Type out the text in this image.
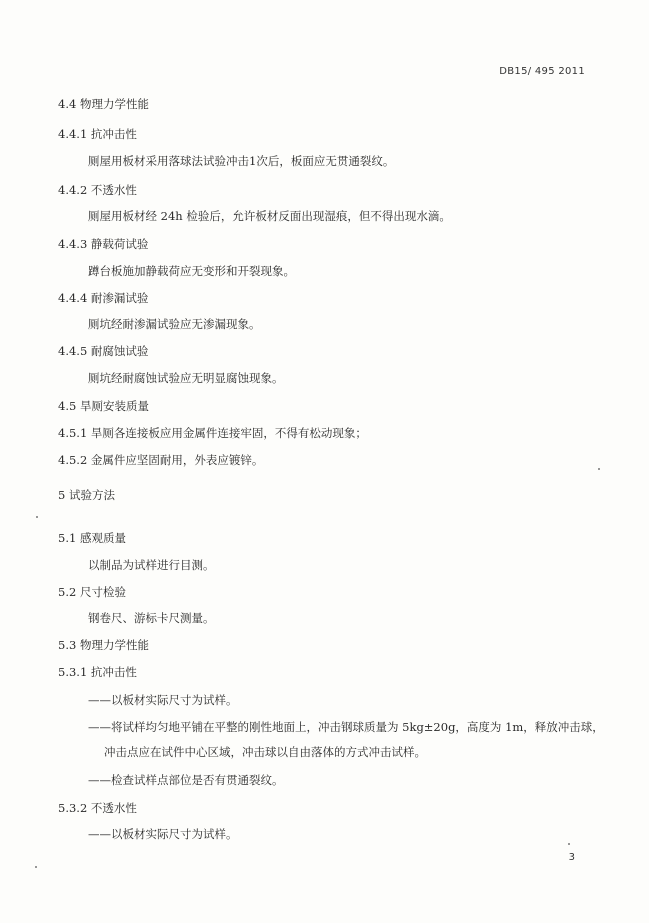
DB15/ 495 2011
4.4 物理力学性能
4.4.1 抗冲击性
厕屋用板材采用落球法试验冲击1次后，板面应无贯通裂纹。
4.4.2 不透水性
厕屋用板材经 24h 检验后，允许板材反面出现湿痕，但不得出现水滴。
4.4.3 静载荷试验
蹲台板施加静载荷应无变形和开裂现象。
4.4.4 耐渗漏试验
厕坑经耐渗漏试验应无渗漏现象。
4.4.5 耐腐蚀试验
厕坑经耐腐蚀试验应无明显腐蚀现象。
4.5 旱厕安装质量
4.5.1 旱厕各连接板应用金属件连接牢固，不得有松动现象；
4.5.2 金属件应坚固耐用，外表应镀锌。
5 试验方法
5.1 感观质量
以制品为试样进行目测。
5.2 尺寸检验
钢卷尺、游标卡尺测量。
5.3 物理力学性能
5.3.1 抗冲击性
——以板材实际尺寸为试样。
——将试样均匀地平铺在平整的刚性地面上，冲击钢球质量为 5kg±20g，高度为 1m，释放冲击球，
冲击点应在试件中心区域，冲击球以自由落体的方式冲击试样。
——检查试样点部位是否有贯通裂纹。
5.3.2 不透水性
——以板材实际尺寸为试样。
3
